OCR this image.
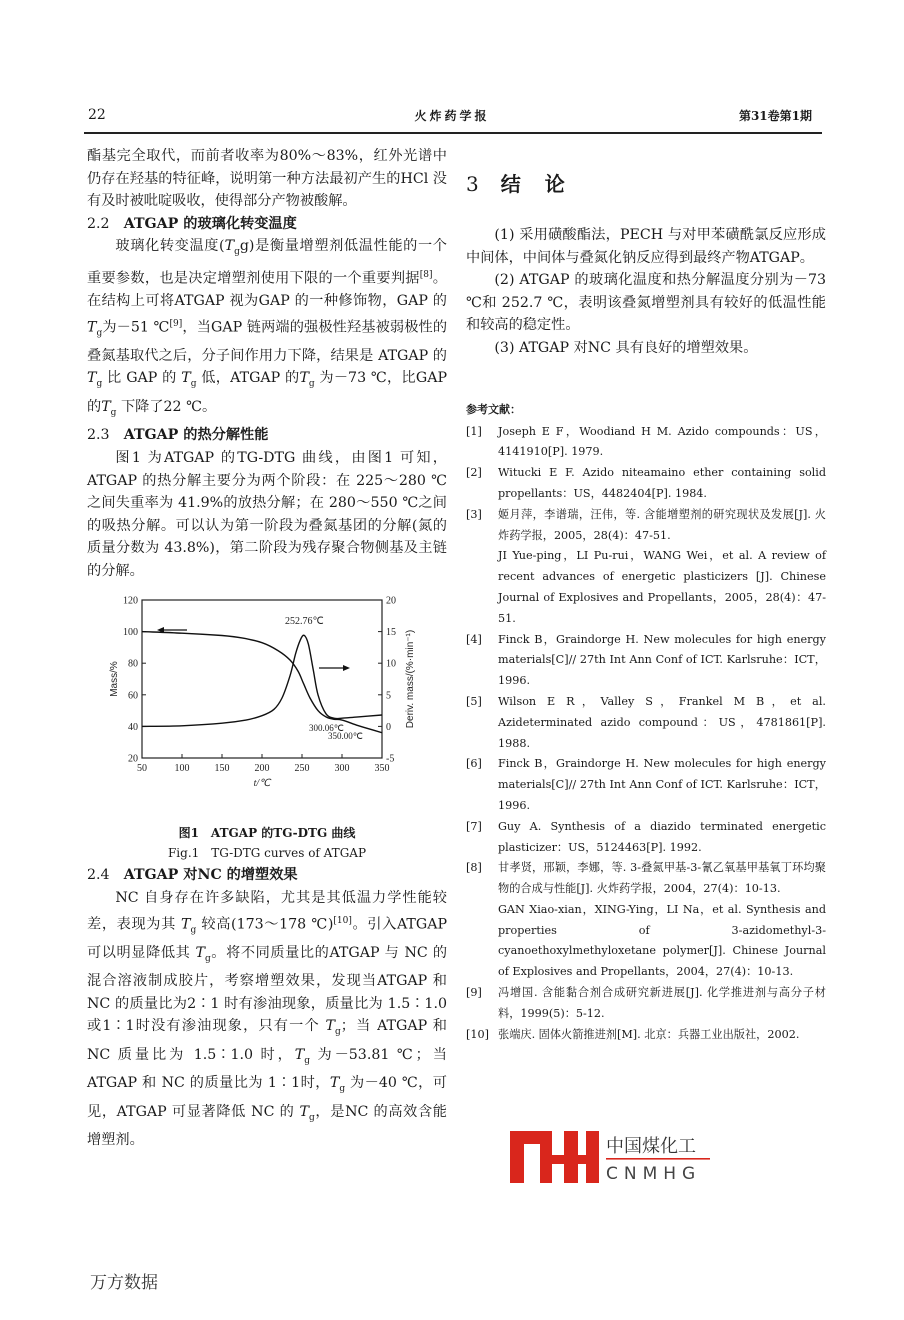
22	火炸药学报	第31卷第1期

酯基完全取代，而前者收率为80%～83%，红外光谱中仍存在羟基的特征峰，说明第一种方法最初产生的HCl 没有及时被吡啶吸收，使得部分产物被酸解。

2.2  ATGAP 的玻璃化转变温度

玻璃化转变温度$(T_gg)$是衡量增塑剂低温性能的一个重要参数，也是决定增塑剂使用下限的一个重要判据[8]。在结构上可将ATGAP 视为GAP 的一种修饰物，GAP 的$T_g$为－51 ℃[9]，当GAP 链两端的强极性羟基被弱极性的叠氮基取代之后，分子间作用力下降，结果是 ATGAP 的 $T_g$ 比 GAP 的 $T_g$ 低，ATGAP 的$T_g$ 为－73 ℃，比GAP 的$T_g$ 下降了22 ℃。

2.3  ATGAP 的热分解性能

图1 为ATGAP 的TG-DTG 曲线，由图1 可知，ATGAP 的热分解主要分为两个阶段：在 225～280 ℃之间失重率为 41.9%的放热分解；在 280～550 ℃之间的吸热分解。可以认为第一阶段为叠氮基团的分解(氮的质量分数为 43.8%)，第二阶段为残存聚合物侧基及主链的分解。

50	100	150	200	250	300	350
20
40
60
80
100
120
-5
0
5
10
15
20
252.76℃
300.06℃
350.00℃
t/℃
Mass/%	Deriv. mass/(%·min⁻¹)

图1　ATGAP 的TG-DTG 曲线

Fig.1　TG-DTG curves of ATGAP

2.4  ATGAP 对NC 的增塑效果

NC 自身存在许多缺陷，尤其是其低温力学性能较差，表现为其 $T_g$ 较高(173～178 ℃)[10]。引入ATGAP 可以明显降低其 $T_g$。将不同质量比的ATGAP 与 NC 的混合溶液制成胶片，考察增塑效果，发现当ATGAP 和NC 的质量比为2∶1 时有渗油现象，质量比为 1.5∶1.0 或1∶1时没有渗油现象，只有一个 $T_g$；当 ATGAP 和 NC 质量比为 1.5∶1.0 时，$T_g$ 为－53.81 ℃；当 ATGAP 和 NC 的质量比为 1∶1时，$T_g$ 为－40 ℃，可见，ATGAP 可显著降低 NC 的 $T_g$，是NC 的高效含能增塑剂。

3 结　论

(1) 采用磺酸酯法，PECH 与对甲苯磺酰氯反应形成中间体，中间体与叠氮化钠反应得到最终产物ATGAP。

(2) ATGAP 的玻璃化温度和热分解温度分别为－73 ℃和 252.7 ℃，表明该叠氮增塑剂具有较好的低温性能和较高的稳定性。

(3) ATGAP 对NC 具有良好的增塑效果。

参考文献：
[1]	Joseph E F，Woodiand H M. Azido compounds：US，4141910[P]. 1979.
[2]	Witucki E F. Azido niteamaino ether containing solid propellants：US，4482404[P]. 1984.
[3]	姬月萍，李谱瑞，汪伟，等. 含能增塑剂的研究现状及发展[J]. 火炸药学报，2005，28(4)：47-51.
JI Yue-ping，LI Pu-rui，WANG Wei，et al. A review of recent advances of energetic plasticizers [J]. Chinese Journal of Explosives and Propellants，2005，28(4)：47-51.
[4]	Finck B，Graindorge H. New molecules for high energy materials[C]// 27th Int Ann Conf of ICT. Karlsruhe：ICT，1996.
[5]	Wilson E R，Valley S，Frankel M B，et al. Azideterminated azido compound：US，4781861[P]. 1988.
[6]	Finck B，Graindorge H. New molecules for high energy materials[C]// 27th Int Ann Conf of ICT. Karlsruhe：ICT，1996.
[7]	Guy A. Synthesis of a diazido terminated energetic plasticizer：US，5124463[P]. 1992.
[8]	甘孝贤，邢颖，李娜，等. 3-叠氮甲基-3-氰乙氧基甲基氧丁环均聚物的合成与性能[J]. 火炸药学报，2004，27(4)：10-13.
GAN Xiao-xian，XING-Ying，LI Na，et al. Synthesis and properties of 3-azidomethyl-3-cyanoethoxylmethyloxetane polymer[J]. Chinese Journal of Explosives and Propellants，2004，27(4)：10-13.
[9]	冯增国. 含能黏合剂合成研究新进展[J]. 化学推进剂与高分子材料，1999(5)：5-12.
[10] 张端庆. 固体火箭推进剂[M]. 北京：兵器工业出版社，2002.
中国煤化工
CNMHG
万方数据
